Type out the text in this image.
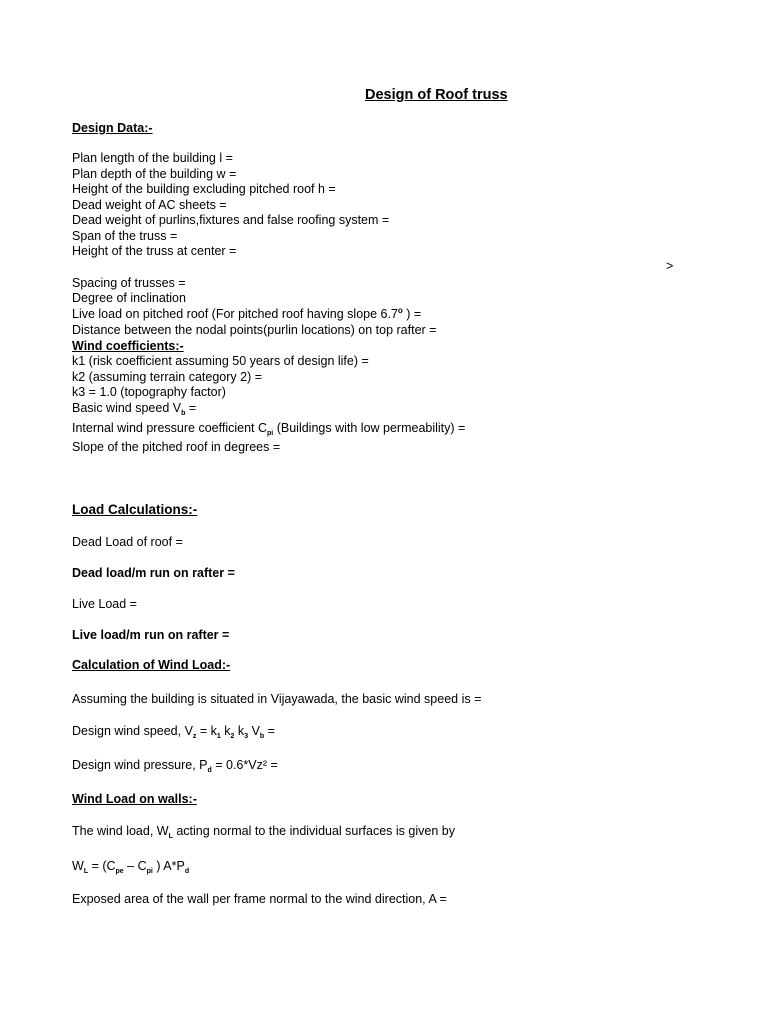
Design of Roof truss
Design Data:-
Plan length of the building l =
Plan depth of the building w =
Height of the building excluding pitched roof h =
Dead weight of AC sheets =
Dead weight of purlins,fixtures and false roofing system =
Span of the truss =
Height of the truss at center =
>
Spacing of trusses =
Degree of inclination
Live load on pitched roof (For pitched roof having slope 6.7$^o$ ) =
Distance between the nodal points(purlin locations) on top rafter =
Wind coefficients:-
k1 (risk coefficient assuming 50 years of design life) =
k2 (assuming terrain category 2) =
k3 = 1.0 (topography factor)
Basic wind speed $V_b$ =
Internal wind pressure coefficient $C_{pi}$ (Buildings with low permeability) =
Slope of the pitched roof in degrees =
Load Calculations:-
Dead Load of roof =
Dead load/m run on rafter =
Live Load =
Live load/m run on rafter =
Calculation of Wind Load:-
Assuming the building is situated in Vijayawada, the basic wind speed is =
Design wind speed, $V_z = k_1$ $k_2$ $k_3$ $V_b$ =
Design wind pressure, $P_d = 0.6*Vz^2$ =
Wind Load on walls:-
The wind load, $W_L$ acting normal to the individual surfaces is given by
$W_L = (C_{pe} - C_{pi}$ ) $A*P_d$
Exposed area of the wall per frame normal to the wind direction, A =
